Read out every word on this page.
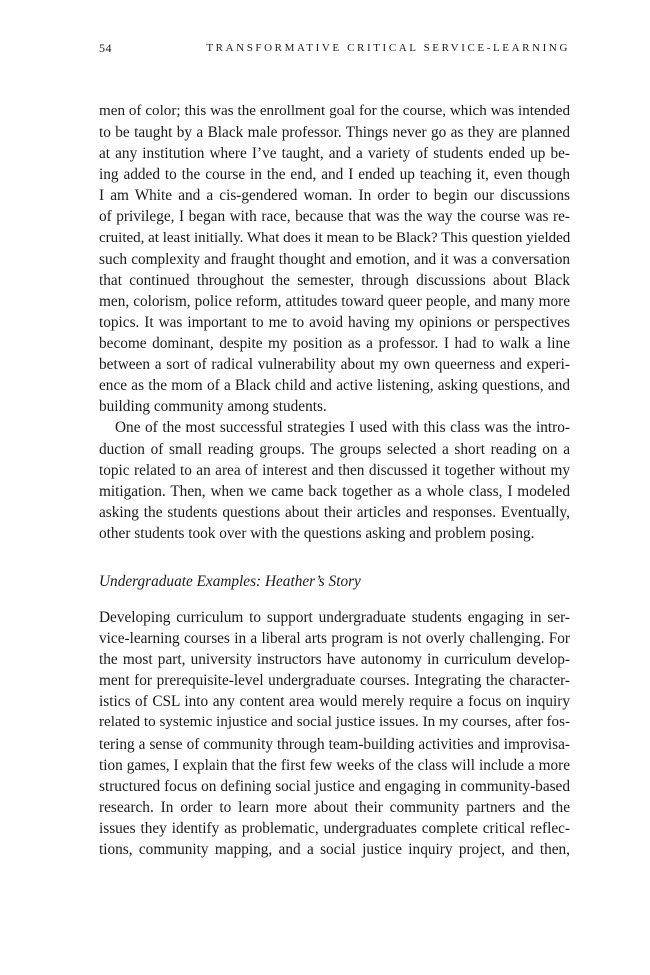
54	TRANSFORMATIVE CRITICAL SERVICE-LEARNING
men of color; this was the enrollment goal for the course, which was intended
to be taught by a Black male professor. Things never go as they are planned
at any institution where I’ve taught, and a variety of students ended up be-
ing added to the course in the end, and I ended up teaching it, even though
I am White and a cis-gendered woman. In order to begin our discussions
of privilege, I began with race, because that was the way the course was re-
cruited, at least initially. What does it mean to be Black? This question yielded
such complexity and fraught thought and emotion, and it was a conversation
that continued throughout the semester, through discussions about Black
men, colorism, police reform, attitudes toward queer people, and many more
topics. It was important to me to avoid having my opinions or perspectives
become dominant, despite my position as a professor. I had to walk a line
between a sort of radical vulnerability about my own queerness and experi-
ence as the mom of a Black child and active listening, asking questions, and
building community among students.
One of the most successful strategies I used with this class was the intro-
duction of small reading groups. The groups selected a short reading on a
topic related to an area of interest and then discussed it together without my
mitigation. Then, when we came back together as a whole class, I modeled
asking the students questions about their articles and responses. Eventually,
other students took over with the questions asking and problem posing.
Undergraduate Examples: Heather’s Story
Developing curriculum to support undergraduate students engaging in ser-
vice-learning courses in a liberal arts program is not overly challenging. For
the most part, university instructors have autonomy in curriculum develop-
ment for prerequisite-level undergraduate courses. Integrating the character-
istics of CSL into any content area would merely require a focus on inquiry
related to systemic injustice and social justice issues. In my courses, after fos-
tering a sense of community through team-building activities and improvisa-
tion games, I explain that the first few weeks of the class will include a more
structured focus on defining social justice and engaging in community-based
research. In order to learn more about their community partners and the
issues they identify as problematic, undergraduates complete critical reflec-
tions, community mapping, and a social justice inquiry project, and then,
